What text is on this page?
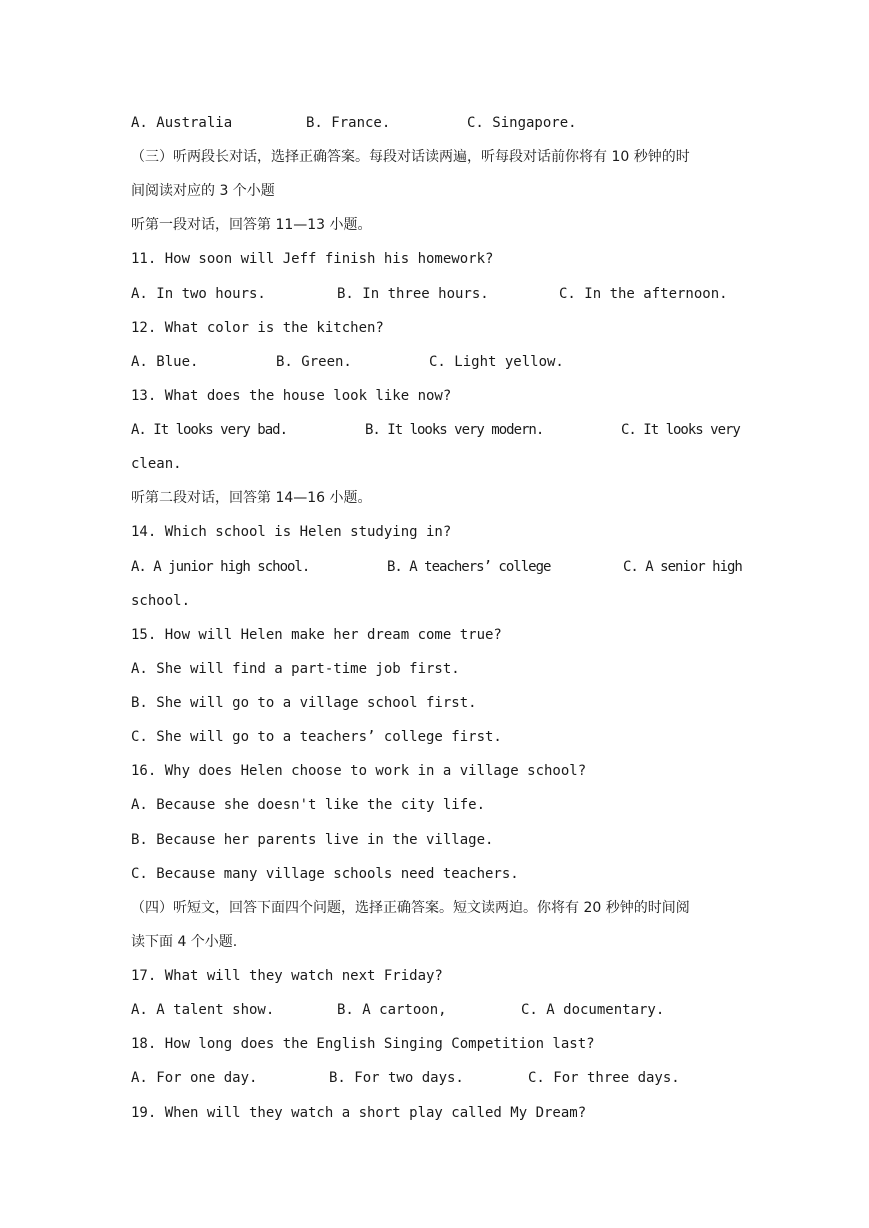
A. Australia	B. France.	C. Singapore.
（三）听两段长对话，选择正确答案。每段对话读两遍，听每段对话前你将有 10 秒钟的时
间阅读对应的 3 个小题
听第一段对话，回答第 11—13 小题。
11. How soon will Jeff finish his homework?
A. In two hours.	B. In three hours.	C. In the afternoon.
12. What color is the kitchen?
A. Blue.	B. Green.	C. Light yellow.
13. What does the house look like now?
A. It looks very bad.	B. It looks very modern.	C. It looks very
clean.
听第二段对话，回答第 14—16 小题。
14. Which school is Helen studying in?
A. A junior high school.	B. A teachers’ college	C. A senior high
school.
15. How will Helen make her dream come true?
A. She will find a part-time job first.
B. She will go to a village school first.
C. She will go to a teachers’ college first.
16. Why does Helen choose to work in a village school?
A. Because she doesn't like the city life.
B. Because her parents live in the village.
C. Because many village schools need teachers.
（四）听短文，回答下面四个问题，选择正确答案。短文读两迫。你将有 20 秒钟的时间阅
读下面 4 个小题.
17. What will they watch next Friday?
A. A talent show.	B. A cartoon,	C. A documentary.
18. How long does the English Singing Competition last?
A. For one day.	B. For two days.	C. For three days.
19. When will they watch a short play called My Dream?
